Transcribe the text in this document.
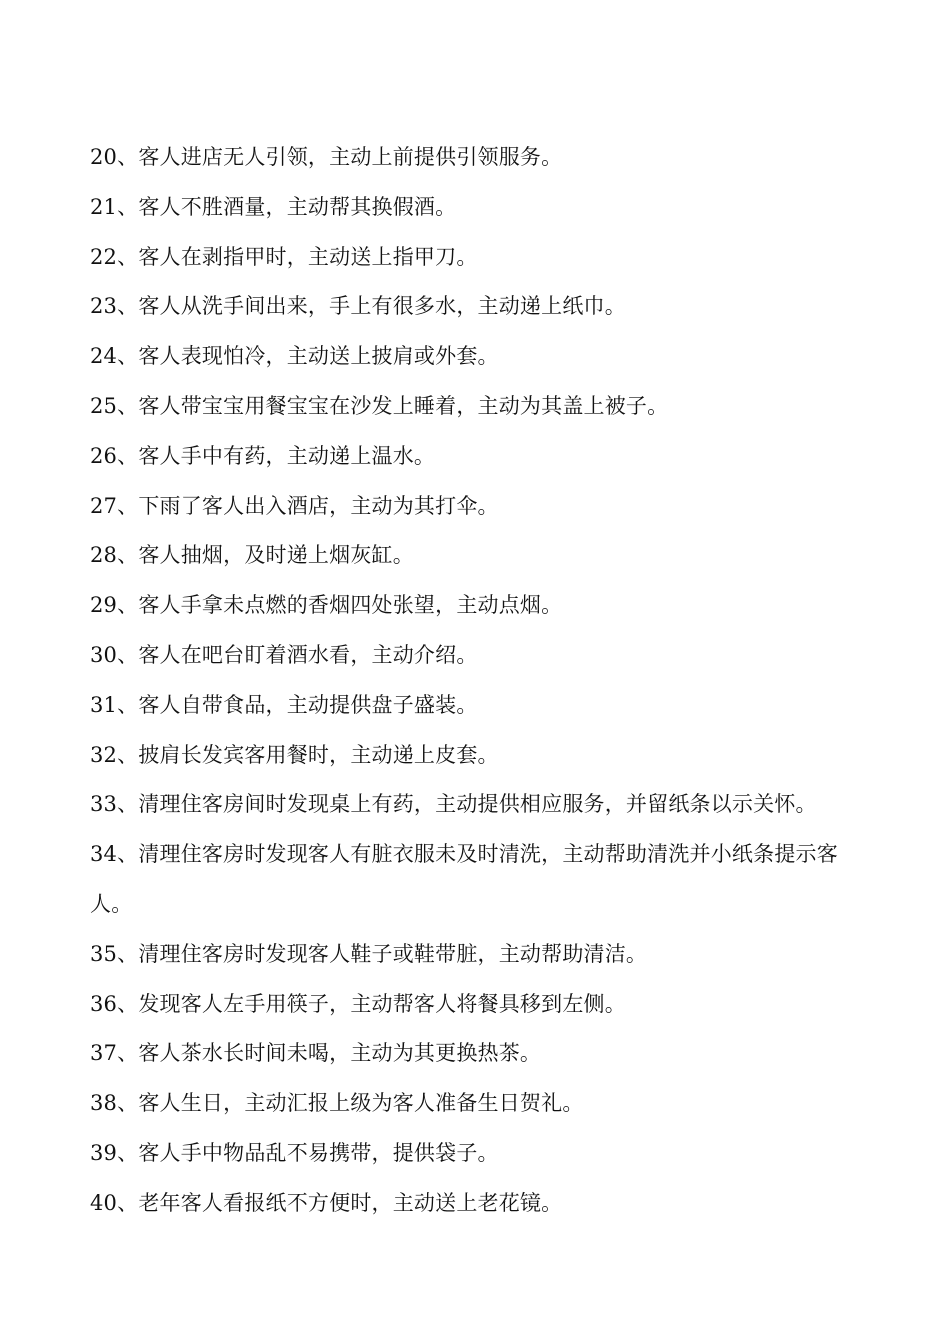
20、客人进店无人引领，主动上前提供引领服务。

21、客人不胜酒量，主动帮其换假酒。

22、客人在剥指甲时，主动送上指甲刀。

23、客人从洗手间出来，手上有很多水，主动递上纸巾。

24、客人表现怕冷，主动送上披肩或外套。

25、客人带宝宝用餐宝宝在沙发上睡着，主动为其盖上被子。

26、客人手中有药，主动递上温水。

27、下雨了客人出入酒店，主动为其打伞。

28、客人抽烟，及时递上烟灰缸。

29、客人手拿未点燃的香烟四处张望，主动点烟。

30、客人在吧台盯着酒水看，主动介绍。

31、客人自带食品，主动提供盘子盛装。

32、披肩长发宾客用餐时，主动递上皮套。

33、清理住客房间时发现桌上有药，主动提供相应服务，并留纸条以示关怀。

34、清理住客房时发现客人有脏衣服未及时清洗，主动帮助清洗并小纸条提示客人。

35、清理住客房时发现客人鞋子或鞋带脏，主动帮助清洁。

36、发现客人左手用筷子，主动帮客人将餐具移到左侧。

37、客人茶水长时间未喝，主动为其更换热茶。

38、客人生日，主动汇报上级为客人准备生日贺礼。

39、客人手中物品乱不易携带，提供袋子。

40、老年客人看报纸不方便时，主动送上老花镜。
